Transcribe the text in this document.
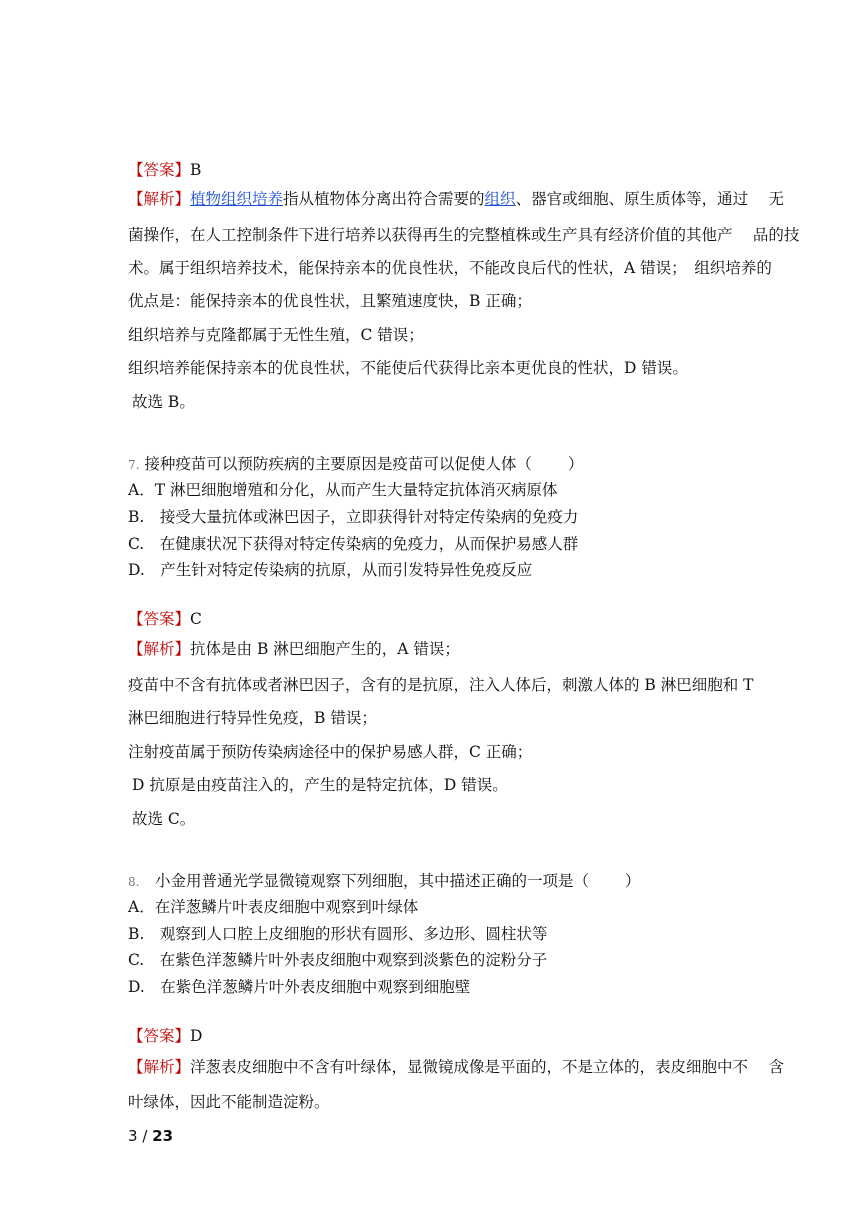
【答案】B
【解析】植物组织培养指从植物体分离出符合需要的组织、器官或细胞、原生质体等，通过　 无
菌操作，在人工控制条件下进行培养以获得再生的完整植株或生产具有经济价值的其他产　 品的技
术。属于组织培养技术，能保持亲本的优良性状，不能改良后代的性状，A 错误；　组织培养的
优点是：能保持亲本的优良性状，且繁殖速度快，B 正确；
组织培养与克隆都属于无性生殖，C 错误；
组织培养能保持亲本的优良性状，不能使后代获得比亲本更优良的性状，D 错误。
故选 B。
7. 接种疫苗可以预防疾病的主要原因是疫苗可以促使人体（　　 ）
A．T 淋巴细胞增殖和分化，从而产生大量特定抗体消灭病原体
B.　接受大量抗体或淋巴因子，立即获得针对特定传染病的免疫力
C.　在健康状况下获得对特定传染病的免疫力，从而保护易感人群
D.　产生针对特定传染病的抗原，从而引发特异性免疫反应
【答案】C
【解析】抗体是由 B 淋巴细胞产生的，A 错误；
疫苗中不含有抗体或者淋巴因子，含有的是抗原，注入人体后，刺激人体的 B 淋巴细胞和 T
淋巴细胞进行特异性免疫，B 错误；
注射疫苗属于预防传染病途径中的保护易感人群，C 正确；
D 抗原是由疫苗注入的，产生的是特定抗体，D 错误。
故选 C。
8.　 小金用普通光学显微镜观察下列细胞，其中描述正确的一项是（　　 ）
A．在洋葱鳞片叶表皮细胞中观察到叶绿体
B.　观察到人口腔上皮细胞的形状有圆形、多边形、圆柱状等
C.　在紫色洋葱鳞片叶外表皮细胞中观察到淡紫色的淀粉分子
D.　在紫色洋葱鳞片叶外表皮细胞中观察到细胞壁
【答案】D
【解析】洋葱表皮细胞中不含有叶绿体，显微镜成像是平面的，不是立体的，表皮细胞中不　 含
叶绿体，因此不能制造淀粉。
3 / 23
